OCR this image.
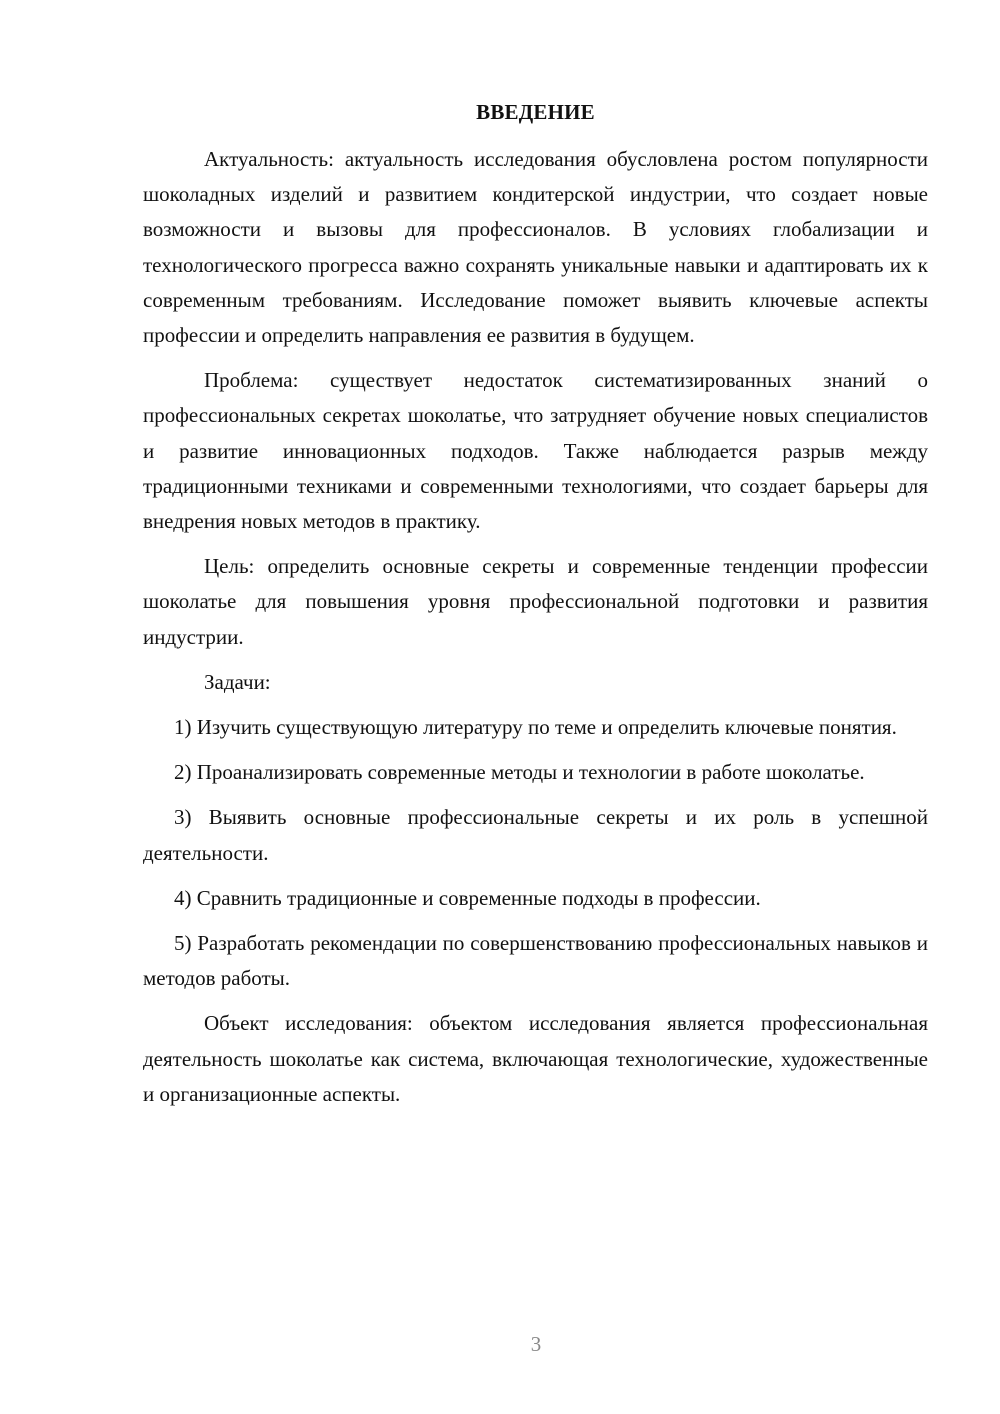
ВВЕДЕНИЕ

Актуальность: актуальность исследования обусловлена ростом популярности шоколадных изделий и развитием кондитерской индустрии, что создает новые возможности и вызовы для профессионалов. В условиях глобализации и технологического прогресса важно сохранять уникальные навыки и адаптировать их к современным требованиям. Исследование поможет выявить ключевые аспекты профессии и определить направления ее развития в будущем.

Проблема: существует недостаток систематизированных знаний о профессиональных секретах шоколатье, что затрудняет обучение новых специалистов и развитие инновационных подходов. Также наблюдается разрыв между традиционными техниками и современными технологиями, что создает барьеры для внедрения новых методов в практику.

Цель: определить основные секреты и современные тенденции профессии шоколатье для повышения уровня профессиональной подготовки и развития индустрии.

Задачи:

1) Изучить существующую литературу по теме и определить ключевые понятия.

2) Проанализировать современные методы и технологии в работе шоколатье.

3) Выявить основные профессиональные секреты и их роль в успешной деятельности.

4) Сравнить традиционные и современные подходы в профессии.

5) Разработать рекомендации по совершенствованию профессиональных навыков и методов работы.

Объект исследования: объектом исследования является профессиональная деятельность шоколатье как система, включающая технологические, художественные и организационные аспекты.

3
